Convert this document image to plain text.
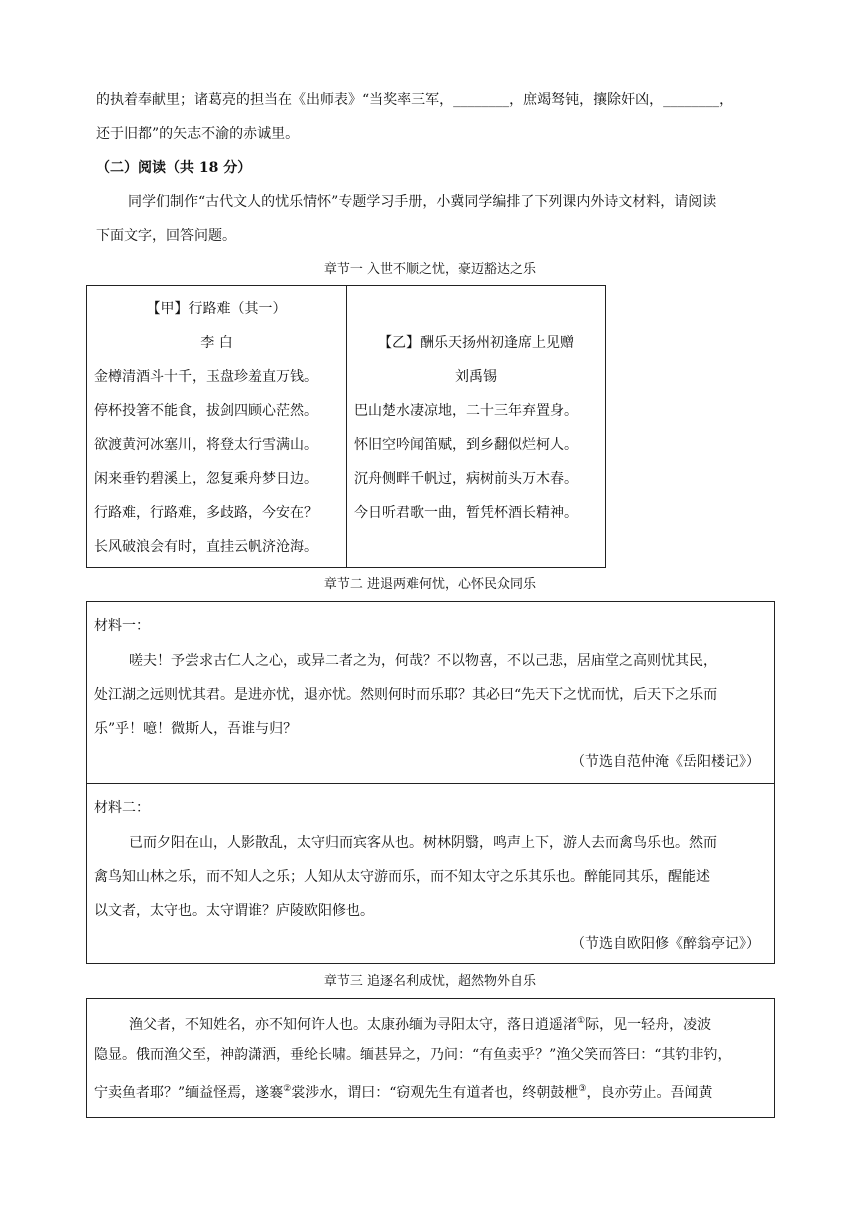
的执着奉献里；诸葛亮的担当在《出师表》“当奖率三军，________，庶竭驽钝，攘除奸凶，________，
还于旧都”的矢志不渝的赤诚里。
（二）阅读（共 18 分）
同学们制作“古代文人的忧乐情怀”专题学习手册，小冀同学编排了下列课内外诗文材料，请阅读
下面文字，回答问题。
章节一 入世不顺之忧，豪迈豁达之乐
【甲】行路难（其一）
李 白
金樽清酒斗十千，玉盘珍羞直万钱。
停杯投箸不能食，拔剑四顾心茫然。
欲渡黄河冰塞川，将登太行雪满山。
闲来垂钓碧溪上，忽复乘舟梦日边。
行路难，行路难，多歧路，今安在？
长风破浪会有时，直挂云帆济沧海。
【乙】酬乐天扬州初逢席上见赠
刘禹锡
巴山楚水凄凉地，二十三年弃置身。
怀旧空吟闻笛赋，到乡翻似烂柯人。
沉舟侧畔千帆过，病树前头万木春。
今日听君歌一曲，暂凭杯酒长精神。
章节二 进退两难何忧，心怀民众同乐
材料一：
嗟夫！予尝求古仁人之心，或异二者之为，何哉？不以物喜，不以己悲，居庙堂之高则忧其民，
处江湖之远则忧其君。是进亦忧，退亦忧。然则何时而乐耶？其必曰“先天下之忧而忧，后天下之乐而
乐”乎！噫！微斯人，吾谁与归？
（节选自范仲淹《岳阳楼记》）
材料二：
已而夕阳在山，人影散乱，太守归而宾客从也。树林阴翳，鸣声上下，游人去而禽鸟乐也。然而
禽鸟知山林之乐，而不知人之乐；人知从太守游而乐，而不知太守之乐其乐也。醉能同其乐，醒能述
以文者，太守也。太守谓谁？庐陵欧阳修也。
（节选自欧阳修《醉翁亭记》）
章节三 追逐名利成忧，超然物外自乐
渔父者，不知姓名，亦不知何许人也。太康孙缅为寻阳太守，落日逍遥渚①际，见一轻舟，凌波
隐显。俄而渔父至，神韵潇洒，垂纶长啸。缅甚异之，乃问：“有鱼卖乎？”渔父笑而答曰：“其钓非钓，
宁卖鱼者耶？”缅益怪焉，遂褰②裳涉水，谓曰：“窃观先生有道者也，终朝鼓枻③，良亦劳止。吾闻黄
